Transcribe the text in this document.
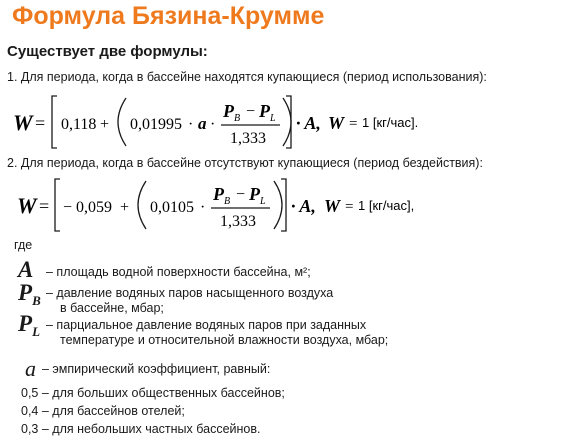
Формула Бязина-Крумме
Существует две формулы:
1. Для периода, когда в бассейне находятся купающиеся (период использования):
W = 0,118 + 0,01995 · a ·
P B − P L
1,333
· A, W = 1 [кг/час].
2. Для периода, когда в бассейне отсутствуют купающиеся (период бездействия):
W = − 0,059 + 0,0105 ·
P B − P L
1,333
· A, W = 1 [кг/час],
где
A – площадь водной поверхности бассейна, м²;
$P_B$ – давление водяных паров насыщенного воздуха
в бассейне, мбар;
$P_L$ – парциальное давление водяных паров при заданных
температуре и относительной влажности воздуха, мбар;
a – эмпирический коэффициент, равный:
0,5 – для больших общественных бассейнов;
0,4 – для бассейнов отелей;
0,3 – для небольших частных бассейнов.
